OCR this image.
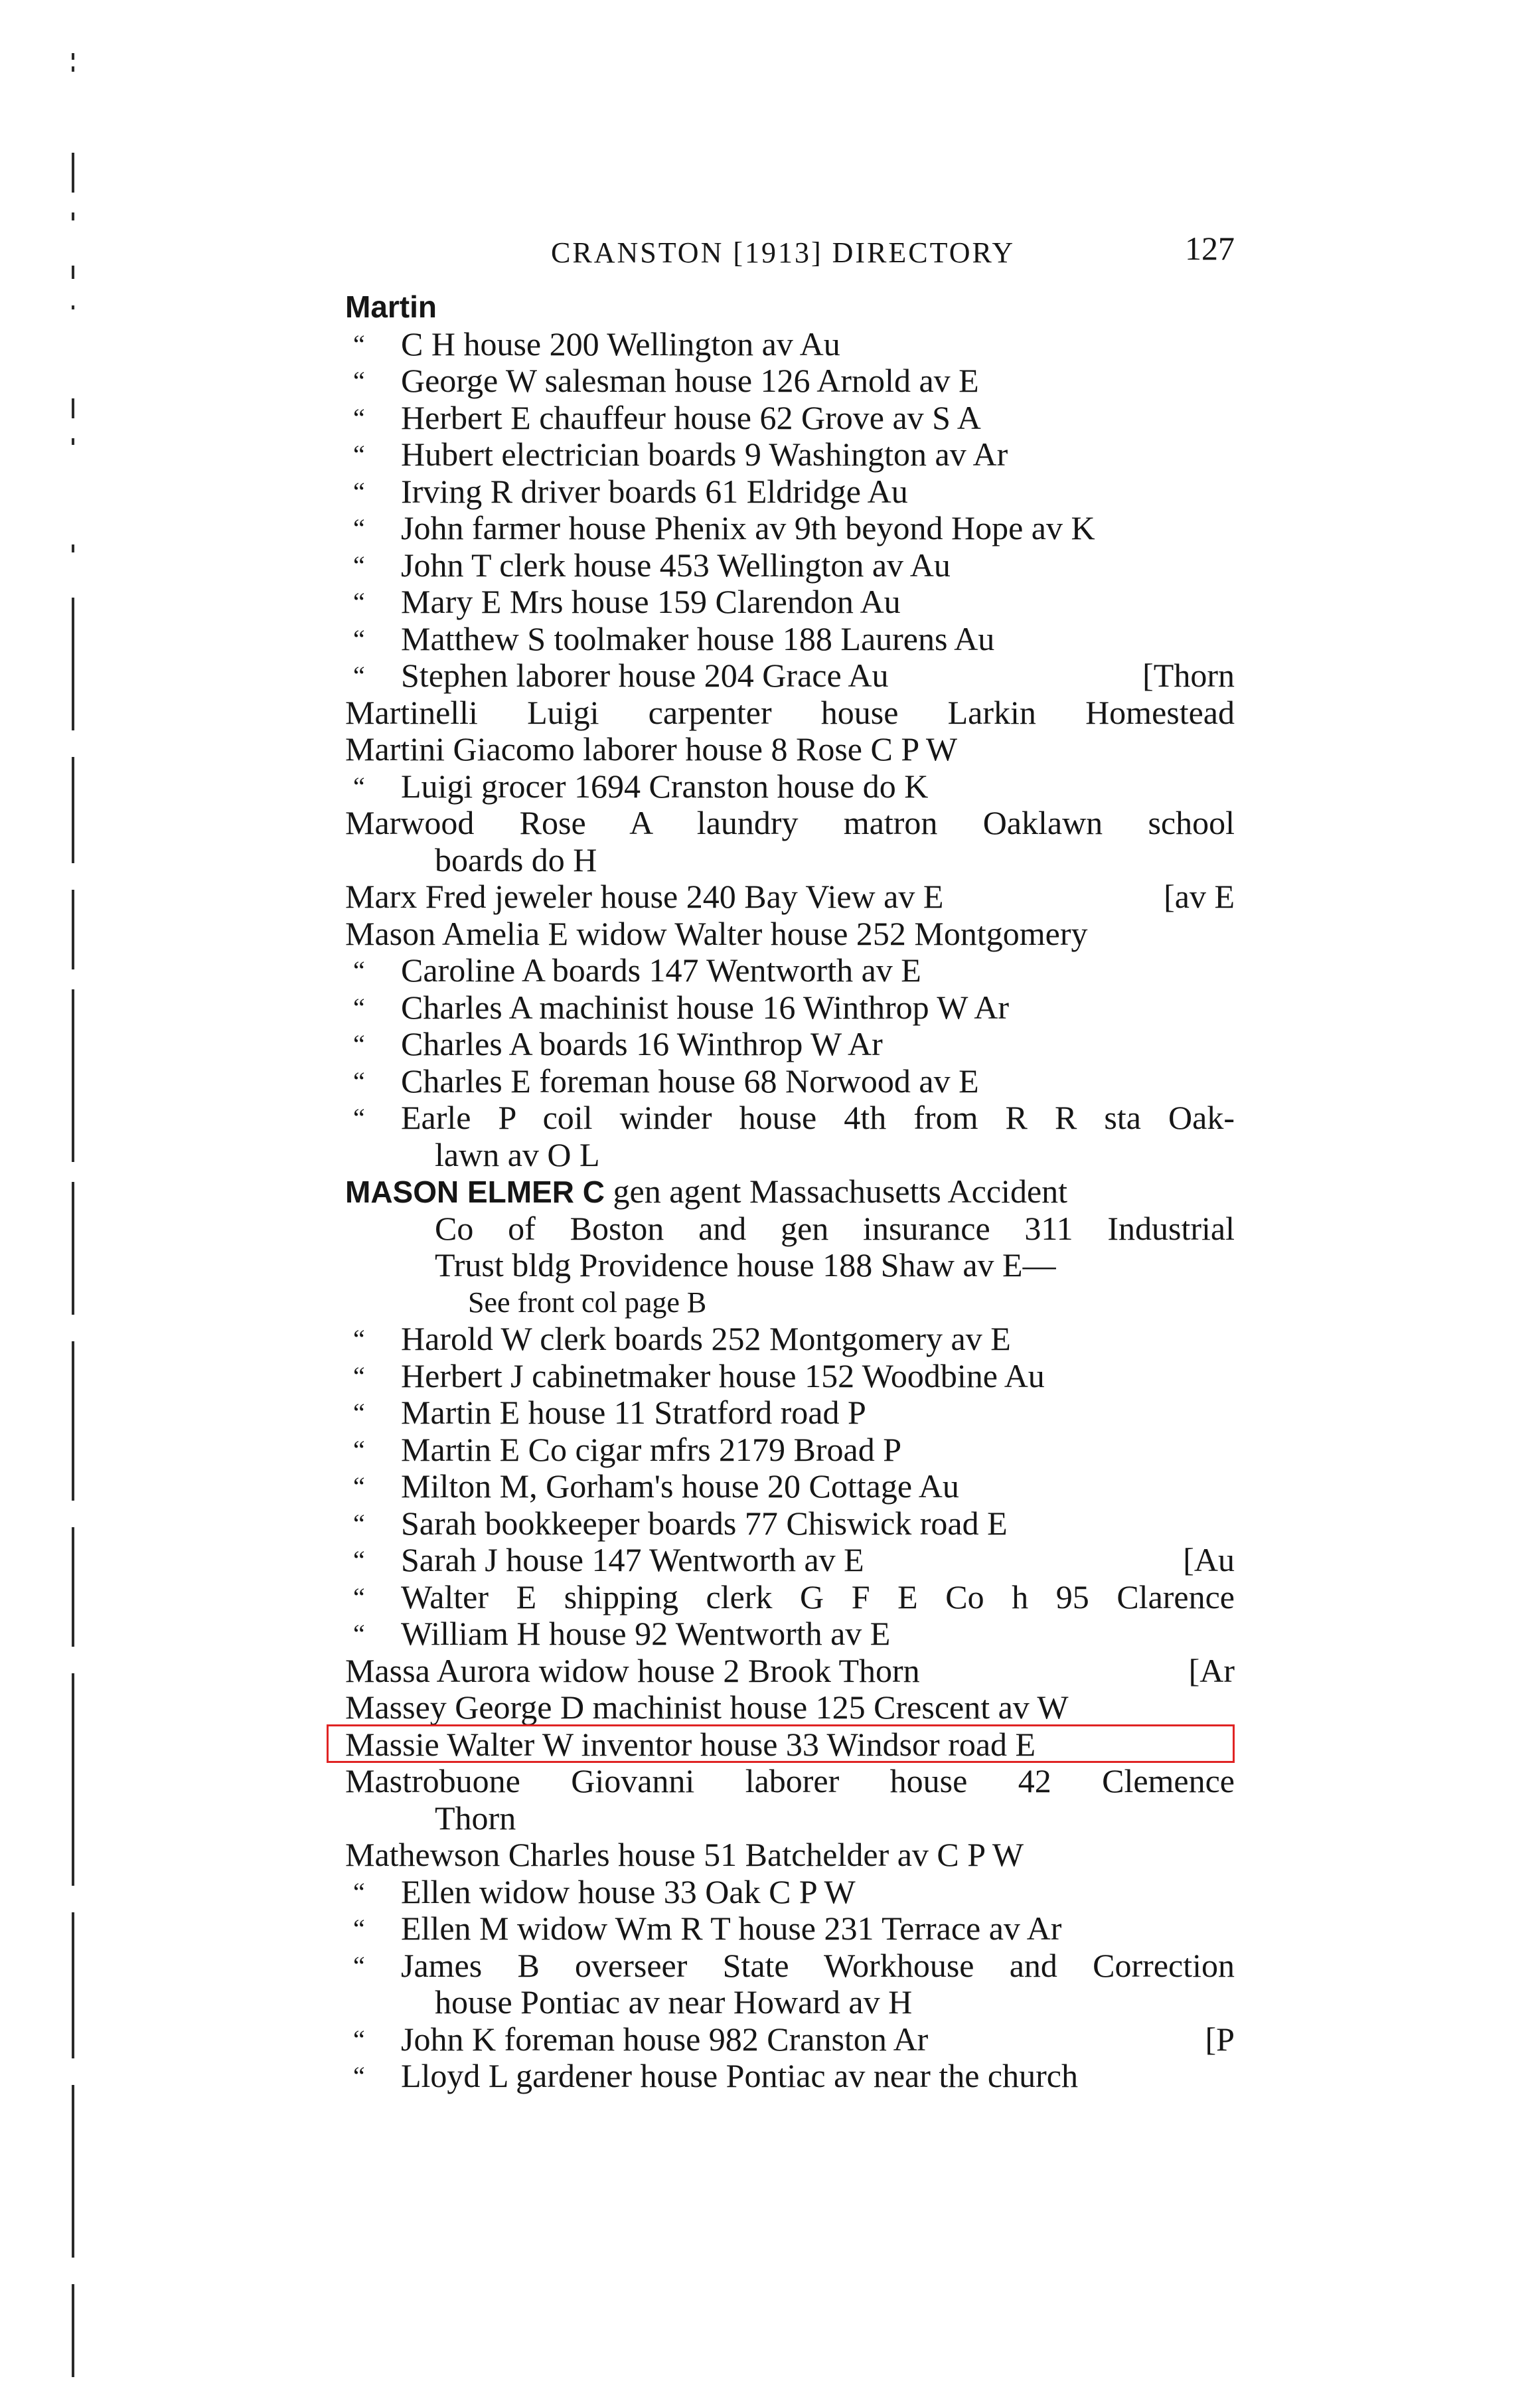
CRANSTON [1913] DIRECTORY	127
Martin
“ C H house 200 Wellington av Au
“ George W salesman house 126 Arnold av E
“ Herbert E chauffeur house 62 Grove av S A
“ Hubert electrician boards 9 Washington av Ar
“ Irving R driver boards 61 Eldridge Au
“ John farmer house Phenix av 9th beyond Hope av K
“ John T clerk house 453 Wellington av Au
“ Mary E Mrs house 159 Clarendon Au
“ Matthew S toolmaker house 188 Laurens Au
“ Stephen laborer house 204 Grace Au	[Thorn
Martinelli Luigi carpenter house Larkin Homestead
Martini Giacomo laborer house 8 Rose C P W
“ Luigi grocer 1694 Cranston house do K
Marwood Rose A laundry matron Oaklawn school
boards do H
Marx Fred jeweler house 240 Bay View av E	[av E
Mason Amelia E widow Walter house 252 Montgomery
“ Caroline A boards 147 Wentworth av E
“ Charles A machinist house 16 Winthrop W Ar
“ Charles A boards 16 Winthrop W Ar
“ Charles E foreman house 68 Norwood av E
“ Earle P coil winder house 4th from R R sta Oak-
lawn av O L
MASON ELMER C gen agent Massachusetts Accident
Co of Boston and gen insurance 311 Industrial
Trust bldg Providence house 188 Shaw av E—
See front col page B
“ Harold W clerk boards 252 Montgomery av E
“ Herbert J cabinetmaker house 152 Woodbine Au
“ Martin E house 11 Stratford road P
“ Martin E Co cigar mfrs 2179 Broad P
“ Milton M, Gorham's house 20 Cottage Au
“ Sarah bookkeeper boards 77 Chiswick road E
“ Sarah J house 147 Wentworth av E	[Au
“ Walter E shipping clerk G F E Co h 95 Clarence
“ William H house 92 Wentworth av E
Massa Aurora widow house 2 Brook Thorn	[Ar
Massey George D machinist house 125 Crescent av W
Massie Walter W inventor house 33 Windsor road E
Mastrobuone Giovanni laborer house 42 Clemence
Thorn
Mathewson Charles house 51 Batchelder av C P W
“ Ellen widow house 33 Oak C P W
“ Ellen M widow Wm R T house 231 Terrace av Ar
“ James B overseer State Workhouse and Correction
house Pontiac av near Howard av H
“ John K foreman house 982 Cranston Ar	[P
“ Lloyd L gardener house Pontiac av near the church
